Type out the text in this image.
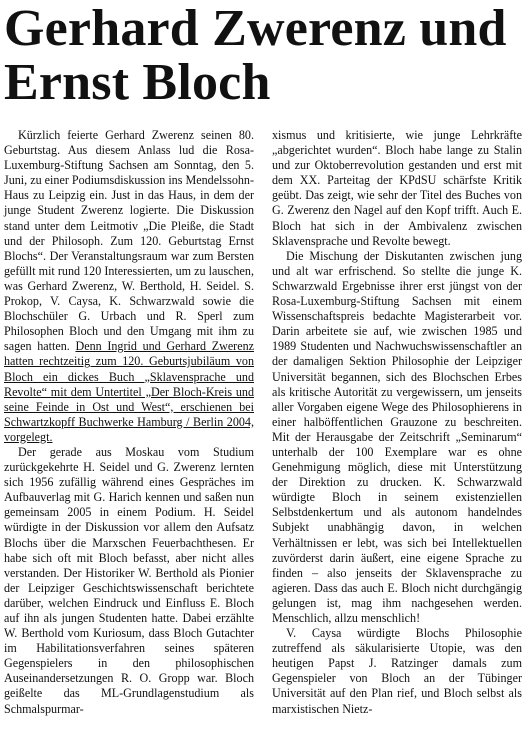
Gerhard Zwerenz und Ernst Bloch

Kürzlich feierte Gerhard Zwerenz seinen 80. Geburtstag. Aus diesem Anlass lud die Rosa-Luxemburg-Stiftung Sachsen am Sonntag, den 5. Juni, zu einer Podiumsdiskussion ins Mendelssohn-Haus zu Leipzig ein. Just in das Haus, in dem der junge Student Zwerenz logierte. Die Diskussion stand unter dem Leitmotiv „Die Pleiße, die Stadt und der Philosoph. Zum 120. Geburtstag Ernst Blochs“. Der Veranstaltungsraum war zum Bersten gefüllt mit rund 120 Interessierten, um zu lauschen, was Gerhard Zwerenz, W. Berthold, H. Seidel. S. Prokop, V. Caysa, K. Schwarzwald sowie die Blochschüler G. Urbach und R. Sperl zum Philosophen Bloch und den Umgang mit ihm zu sagen hatten. Denn Ingrid und Gerhard Zwerenz hatten rechtzeitig zum 120. Geburtsjubiläum von Bloch ein dickes Buch „Sklavensprache und Revolte“ mit dem Untertitel „Der Bloch-Kreis und seine Feinde in Ost und West“, erschienen bei Schwartzkopff Buchwerke Hamburg / Berlin 2004, vorgelegt.

Der gerade aus Moskau vom Studium zurückgekehrte H. Seidel und G. Zwerenz lernten sich 1956 zufällig während eines Gespräches im Aufbauverlag mit G. Harich kennen und saßen nun gemeinsam 2005 in einem Podium. H. Seidel würdigte in der Diskussion vor allem den Aufsatz Blochs über die Marxschen Feuerbachthesen. Er habe sich oft mit Bloch befasst, aber nicht alles verstanden. Der Historiker W. Berthold als Pionier der Leipziger Geschichtswissenschaft berichtete darüber, welchen Eindruck und Einfluss E. Bloch auf ihn als jungen Studenten hatte. Dabei erzählte W. Berthold vom Kuriosum, dass Bloch Gutachter im Habilitationsverfahren seines späteren Gegenspielers in den philosophischen Auseinandersetzungen R. O. Gropp war. Bloch geißelte das ML-Grundlagenstudium als Schmalspurmar-

xismus und kritisierte, wie junge Lehrkräfte „abgerichtet wurden“. Bloch habe lange zu Stalin und zur Oktoberrevolution gestanden und erst mit dem XX. Parteitag der KPdSU schärfste Kritik geübt. Das zeigt, wie sehr der Titel des Buches von G. Zwerenz den Nagel auf den Kopf trifft. Auch E. Bloch hat sich in der Ambivalenz zwischen Sklavensprache und Revolte bewegt.

Die Mischung der Diskutanten zwischen jung und alt war erfrischend. So stellte die junge K. Schwarzwald Ergebnisse ihrer erst jüngst von der Rosa-Luxemburg-Stiftung Sachsen mit einem Wissenschaftspreis bedachte Magisterarbeit vor. Darin arbeitete sie auf, wie zwischen 1985 und 1989 Studenten und Nachwuchswissenschaftler an der damaligen Sektion Philosophie der Leipziger Universität begannen, sich des Blochschen Erbes als kritische Autorität zu vergewissern, um jenseits aller Vorgaben eigene Wege des Philosophierens in einer halböffentlichen Grauzone zu beschreiten. Mit der Herausgabe der Zeitschrift „Seminarum“ unterhalb der 100 Exemplare war es ohne Genehmigung möglich, diese mit Unterstützung der Direktion zu drucken. K. Schwarzwald würdigte Bloch in seinem existenziellen Selbstdenkertum und als autonom handelndes Subjekt unabhängig davon, in welchen Verhältnissen er lebt, was sich bei Intellektuellen zuvörderst darin äußert, eine eigene Sprache zu finden – also jenseits der Sklavensprache zu agieren. Dass das auch E. Bloch nicht durchgängig gelungen ist, mag ihm nachgesehen werden. Menschlich, allzu menschlich!

V. Caysa würdigte Blochs Philosophie zutreffend als säkularisierte Utopie, was den heutigen Papst J. Ratzinger damals zum Gegenspieler von Bloch an der Tübinger Universität auf den Plan rief, und Bloch selbst als marxistischen Nietz-
